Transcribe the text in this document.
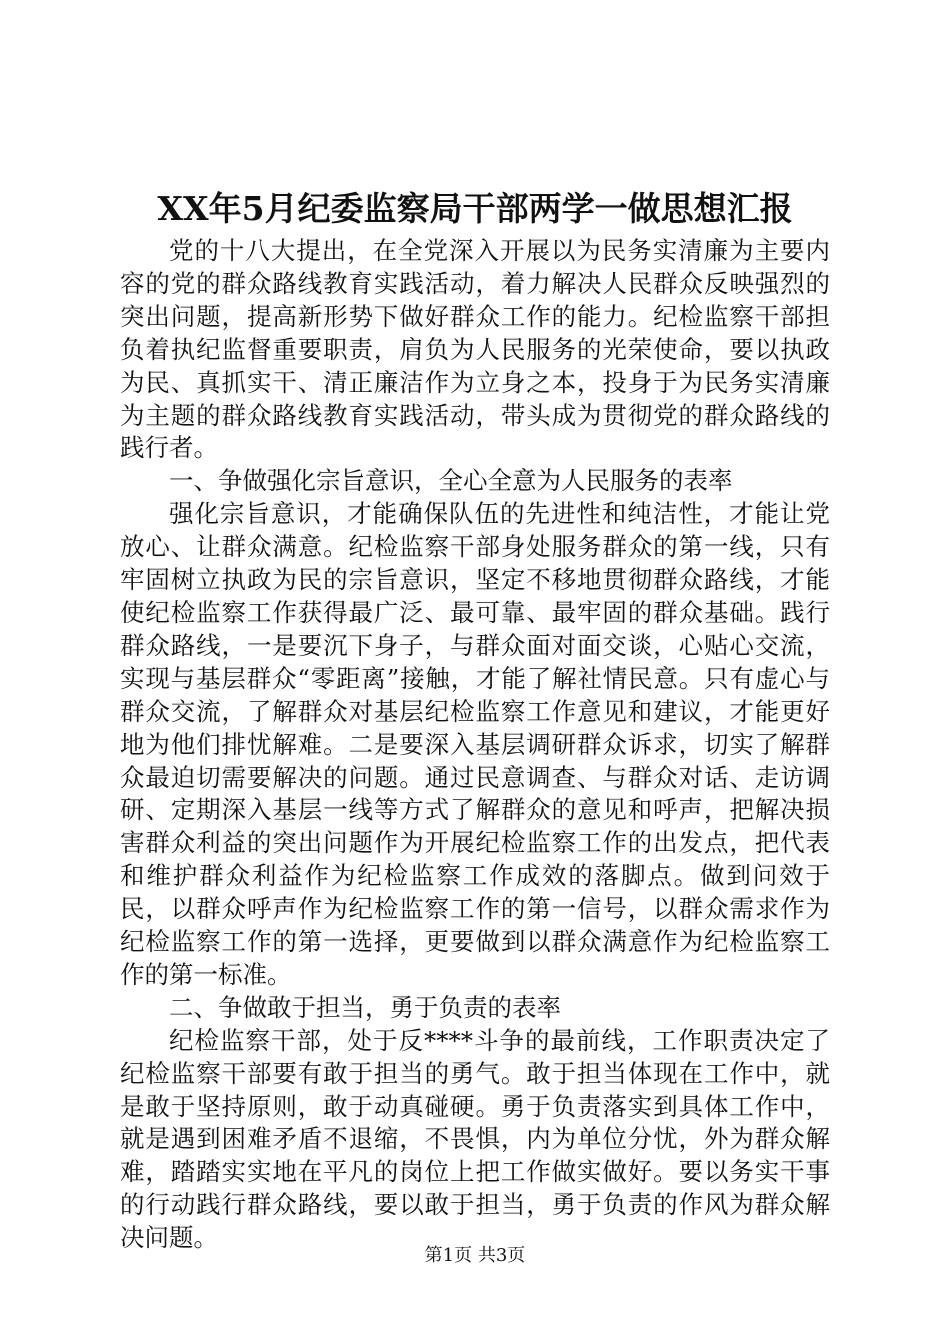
XX年5月纪委监察局干部两学一做思想汇报

党的十八大提出，在全党深入开展以为民务实清廉为主要内容的党的群众路线教育实践活动，着力解决人民群众反映强烈的突出问题，提高新形势下做好群众工作的能力。纪检监察干部担负着执纪监督重要职责，肩负为人民服务的光荣使命，要以执政为民、真抓实干、清正廉洁作为立身之本，投身于为民务实清廉为主题的群众路线教育实践活动，带头成为贯彻党的群众路线的践行者。

一、争做强化宗旨意识，全心全意为人民服务的表率

强化宗旨意识，才能确保队伍的先进性和纯洁性，才能让党放心、让群众满意。纪检监察干部身处服务群众的第一线，只有牢固树立执政为民的宗旨意识，坚定不移地贯彻群众路线，才能使纪检监察工作获得最广泛、最可靠、最牢固的群众基础。践行群众路线，一是要沉下身子，与群众面对面交谈，心贴心交流，实现与基层群众“零距离”接触，才能了解社情民意。只有虚心与群众交流，了解群众对基层纪检监察工作意见和建议，才能更好地为他们排忧解难。二是要深入基层调研群众诉求，切实了解群众最迫切需要解决的问题。通过民意调查、与群众对话、走访调研、定期深入基层一线等方式了解群众的意见和呼声，把解决损害群众利益的突出问题作为开展纪检监察工作的出发点，把代表和维护群众利益作为纪检监察工作成效的落脚点。做到问效于民，以群众呼声作为纪检监察工作的第一信号，以群众需求作为纪检监察工作的第一选择，更要做到以群众满意作为纪检监察工作的第一标准。

二、争做敢于担当，勇于负责的表率

纪检监察干部，处于反****斗争的最前线，工作职责决定了纪检监察干部要有敢于担当的勇气。敢于担当体现在工作中，就是敢于坚持原则，敢于动真碰硬。勇于负责落实到具体工作中，就是遇到困难矛盾不退缩，不畏惧，内为单位分忧，外为群众解难，踏踏实实地在平凡的岗位上把工作做实做好。要以务实干事的行动践行群众路线，要以敢于担当，勇于负责的作风为群众解决问题。

第1页 共3页
